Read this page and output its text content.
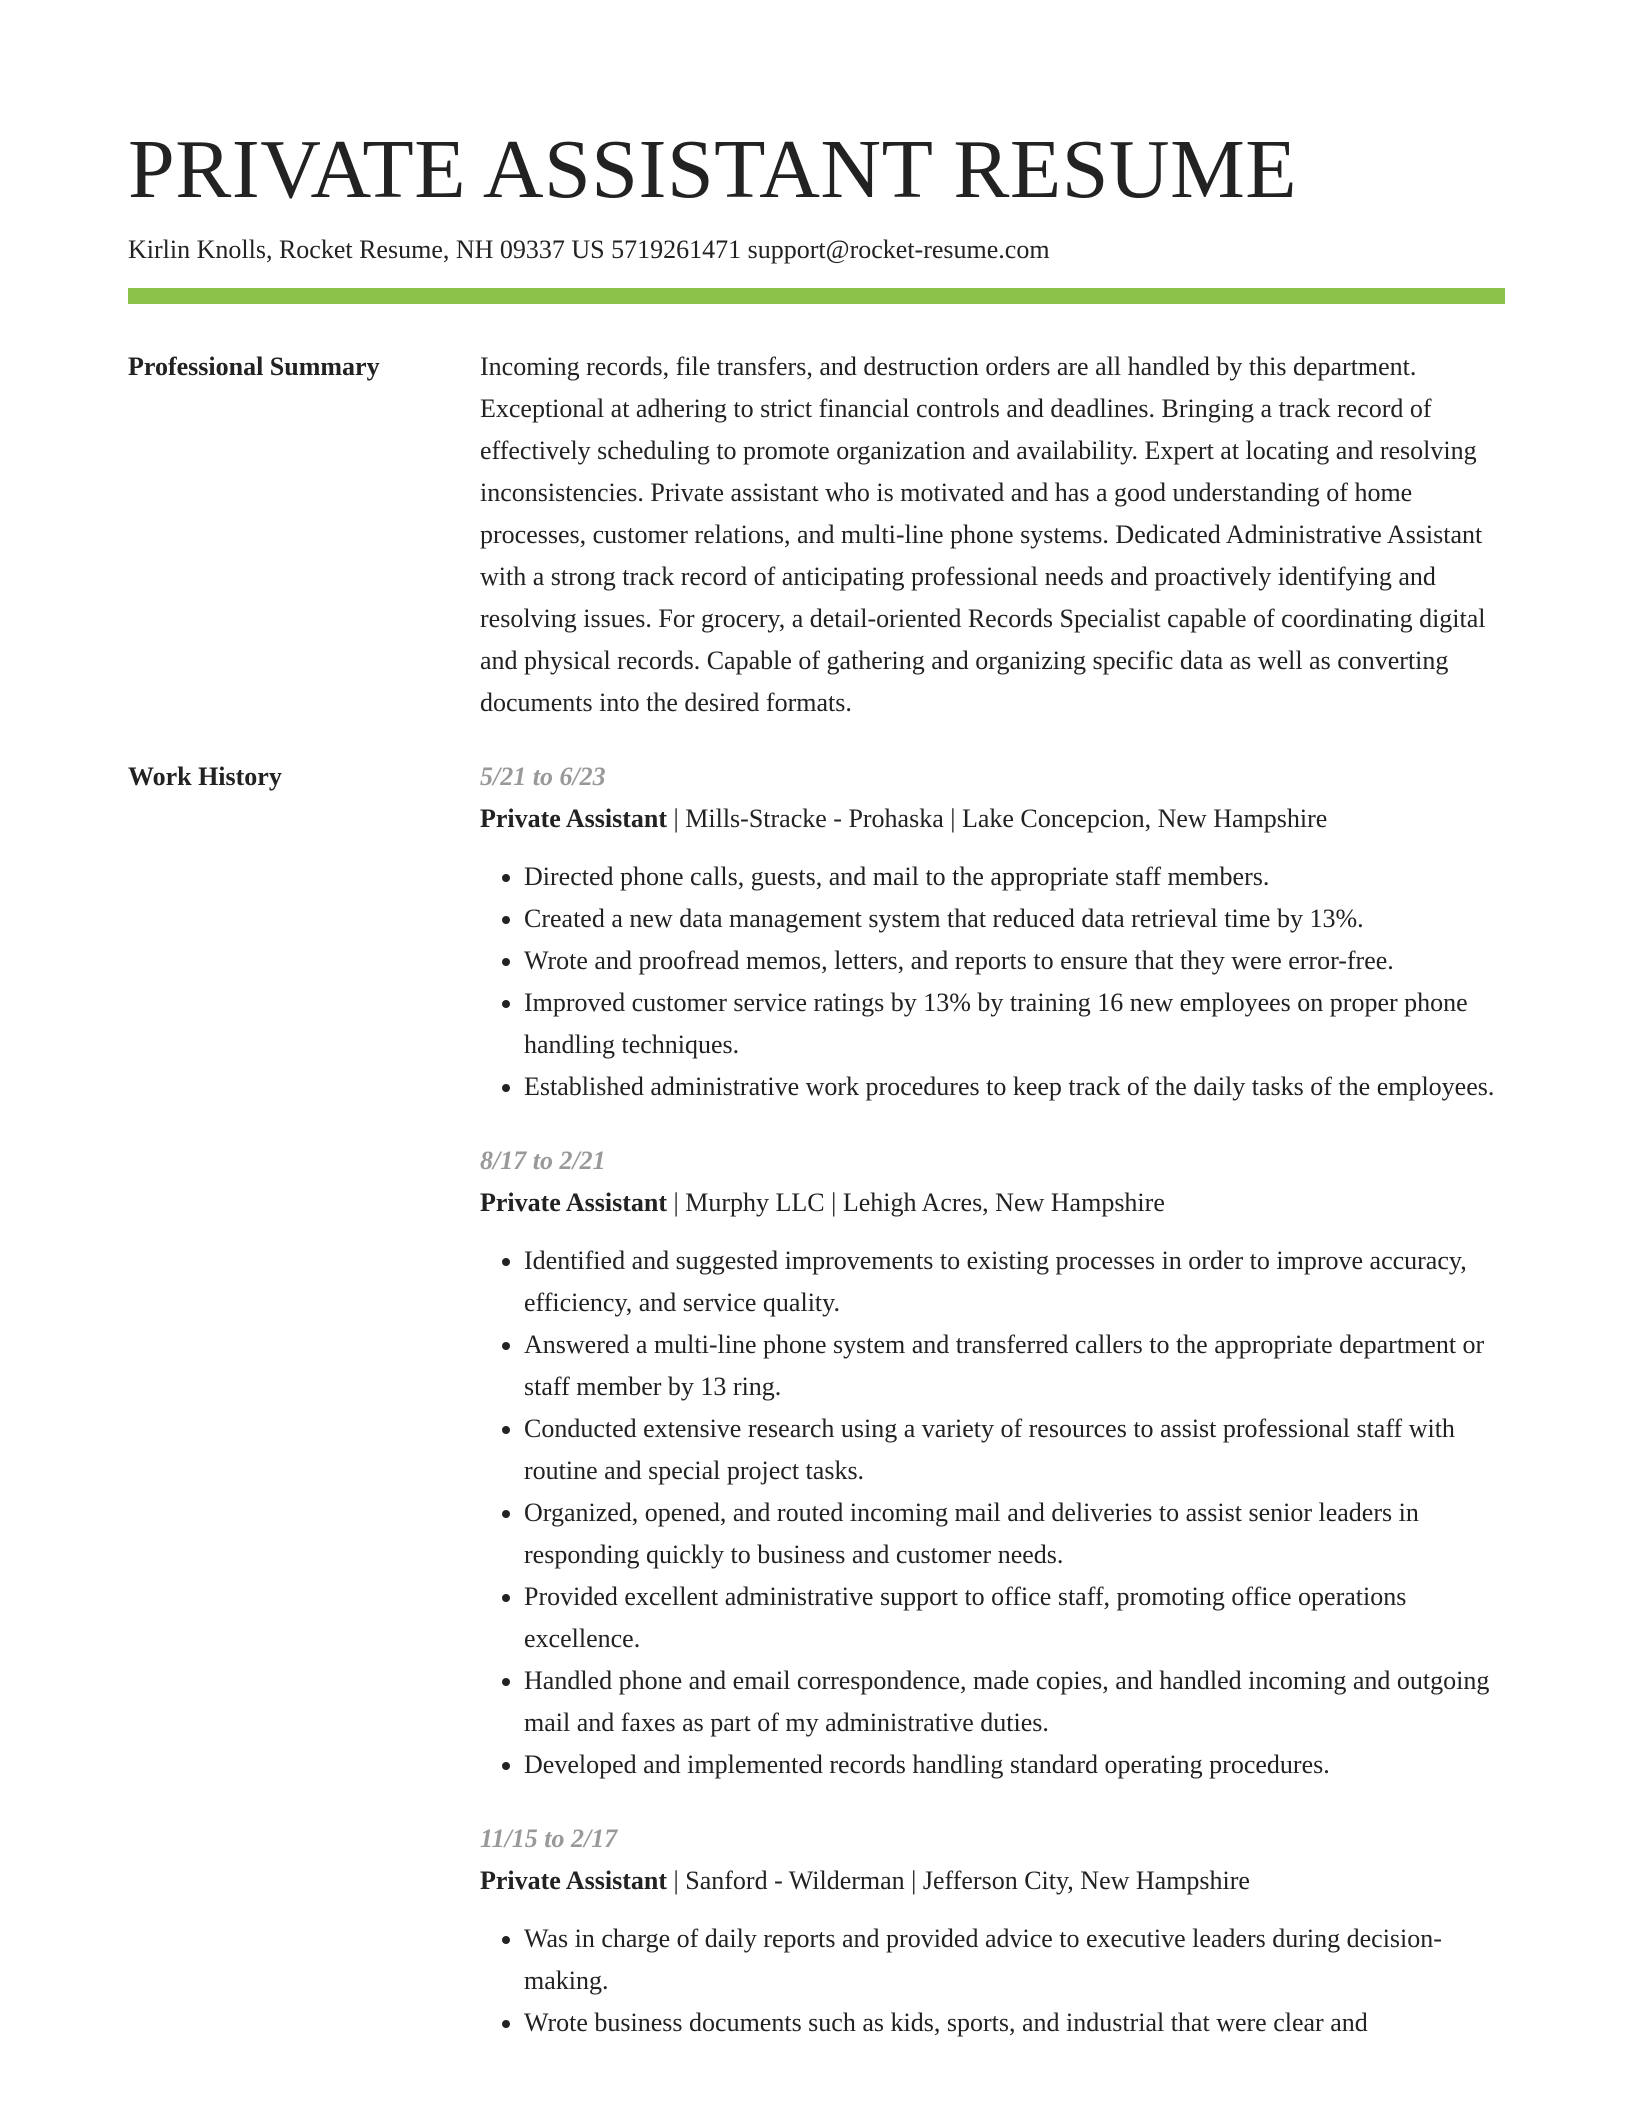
PRIVATE ASSISTANT RESUME
Kirlin Knolls, Rocket Resume, NH 09337 US 5719261471 support@rocket-resume.com
Professional Summary	Incoming records, file transfers, and destruction orders are all handled by this department. Exceptional at adhering to strict financial controls and deadlines. Bringing a track record of effectively scheduling to promote organization and availability. Expert at locating and resolving inconsistencies. Private assistant who is motivated and has a good understanding of home processes, customer relations, and multi-line phone systems. Dedicated Administrative Assistant with a strong track record of anticipating professional needs and proactively identifying and resolving issues. For grocery, a detail-oriented Records Specialist capable of coordinating digital and physical records. Capable of gathering and organizing specific data as well as converting documents into the desired formats.

Work History	5/21 to 6/23
Private Assistant | Mills-Stracke - Prohaska | Lake Concepcion, New Hampshire
• Directed phone calls, guests, and mail to the appropriate staff members.
• Created a new data management system that reduced data retrieval time by 13%.
• Wrote and proofread memos, letters, and reports to ensure that they were error-free.
• Improved customer service ratings by 13% by training 16 new employees on proper phone handling techniques.
• Established administrative work procedures to keep track of the daily tasks of the employees.
8/17 to 2/21
Private Assistant | Murphy LLC | Lehigh Acres, New Hampshire
• Identified and suggested improvements to existing processes in order to improve accuracy, efficiency, and service quality.
• Answered a multi-line phone system and transferred callers to the appropriate department or staff member by 13 ring.
• Conducted extensive research using a variety of resources to assist professional staff with routine and special project tasks.
• Organized, opened, and routed incoming mail and deliveries to assist senior leaders in responding quickly to business and customer needs.
• Provided excellent administrative support to office staff, promoting office operations excellence.
• Handled phone and email correspondence, made copies, and handled incoming and outgoing mail and faxes as part of my administrative duties.
• Developed and implemented records handling standard operating procedures.
11/15 to 2/17
Private Assistant | Sanford - Wilderman | Jefferson City, New Hampshire
• Was in charge of daily reports and provided advice to executive leaders during decision-making.
• Wrote business documents such as kids, sports, and industrial that were clear and
